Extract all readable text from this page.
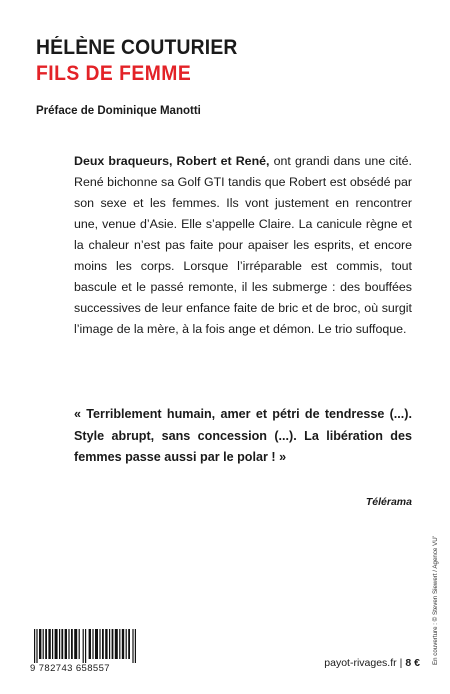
HÉLÈNE COUTURIER
FILS DE FEMME

Préface de Dominique Manotti

Deux braqueurs, Robert et René, ont grandi dans une cité. René bichonne sa Golf GTI tandis que Robert est obsédé par son sexe et les femmes. Ils vont justement en rencontrer une, venue d’Asie. Elle s’appelle Claire. La canicule règne et la chaleur n’est pas faite pour apaiser les esprits, et encore moins les corps. Lorsque l’irréparable est commis, tout bascule et le passé remonte, il les submerge : des bouffées successives de leur enfance faite de bric et de broc, où surgit l’image de la mère, à la fois ange et démon. Le trio suffoque.

« Terriblement humain, amer et pétri de tendresse (...). Style abrupt, sans concession (...). La libération des femmes passe aussi par le polar ! »

Télérama

En couverture : © Steven Siewert / Agence VU'

9 782743 658557	payot-rivages.fr | 8 €
